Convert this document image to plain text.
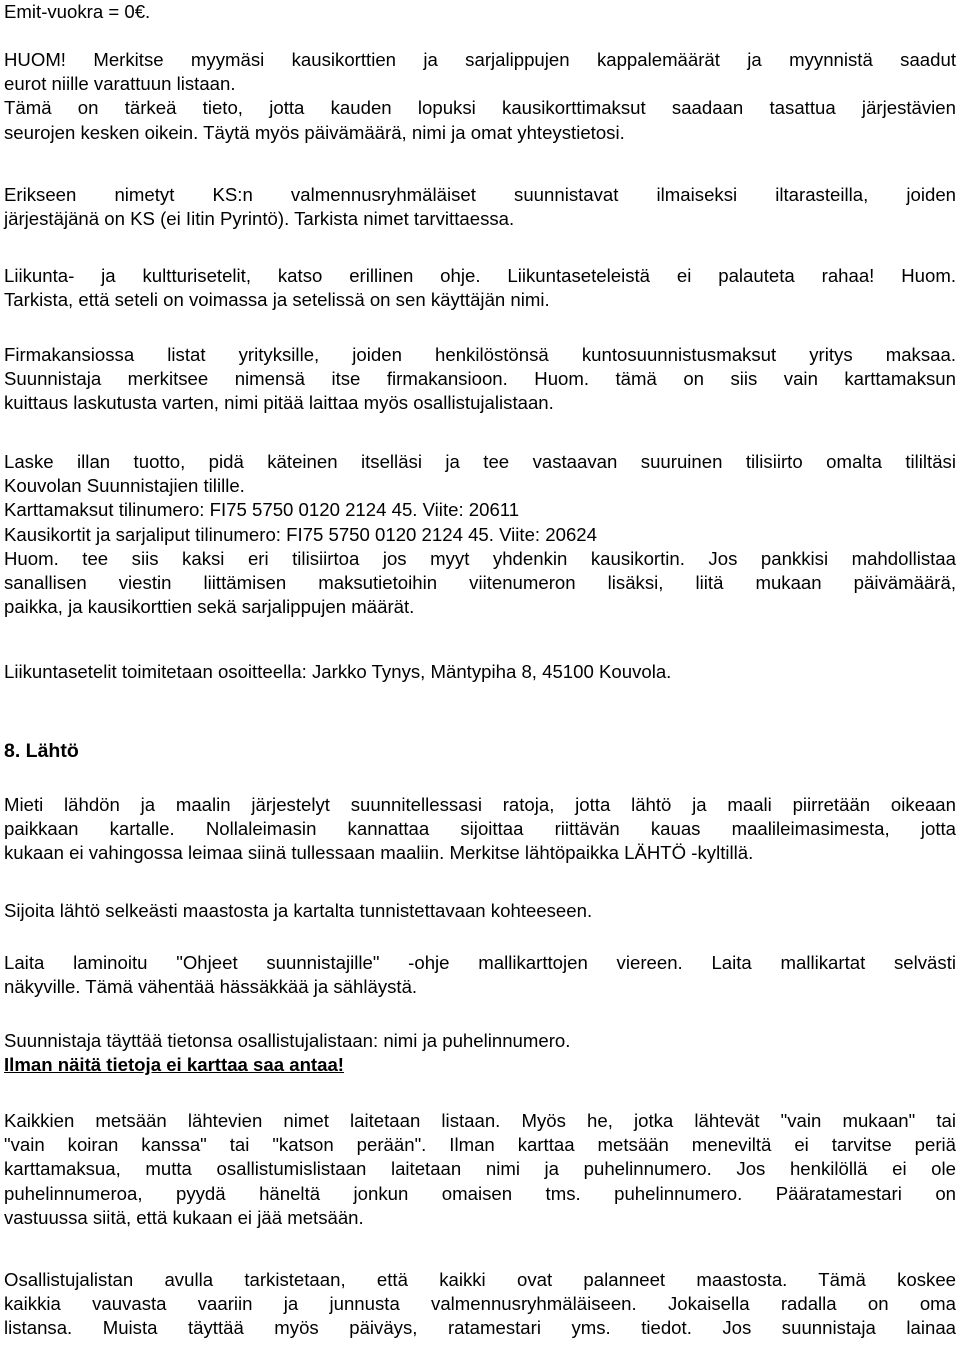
Emit-vuokra = 0€.
HUOM! Merkitse myymäsi kausikorttien ja sarjalippujen kappalemäärät ja myynnistä saadut
eurot niille varattuun listaan.
Tämä on tärkeä tieto, jotta kauden lopuksi kausikorttimaksut saadaan tasattua järjestävien
seurojen kesken oikein. Täytä myös päivämäärä, nimi ja omat yhteystietosi.
Erikseen nimetyt KS:n valmennusryhmäläiset suunnistavat ilmaiseksi iltarasteilla, joiden
järjestäjänä on KS (ei Iitin Pyrintö). Tarkista nimet tarvittaessa.
Liikunta- ja kultturisetelit, katso erillinen ohje. Liikuntaseteleistä ei palauteta rahaa! Huom.
Tarkista, että seteli on voimassa ja setelissä on sen käyttäjän nimi.
Firmakansiossa listat yrityksille, joiden henkilöstönsä kuntosuunnistusmaksut yritys maksaa.
Suunnistaja merkitsee nimensä itse firmakansioon. Huom. tämä on siis vain karttamaksun
kuittaus laskutusta varten, nimi pitää laittaa myös osallistujalistaan.
Laske illan tuotto, pidä käteinen itselläsi ja tee vastaavan suuruinen tilisiirto omalta tililtäsi
Kouvolan Suunnistajien tilille.
Karttamaksut tilinumero: FI75 5750 0120 2124 45. Viite: 20611
Kausikortit ja sarjaliput tilinumero: FI75 5750 0120 2124 45. Viite: 20624
Huom. tee siis kaksi eri tilisiirtoa jos myyt yhdenkin kausikortin. Jos pankkisi mahdollistaa
sanallisen viestin liittämisen maksutietoihin viitenumeron lisäksi, liitä mukaan päivämäärä,
paikka, ja kausikorttien sekä sarjalippujen määrät.
Liikuntasetelit toimitetaan osoitteella: Jarkko Tynys, Mäntypiha 8, 45100 Kouvola.
8. Lähtö
Mieti lähdön ja maalin järjestelyt suunnitellessasi ratoja, jotta lähtö ja maali piirretään oikeaan
paikkaan kartalle. Nollaleimasin kannattaa sijoittaa riittävän kauas maalileimasimesta, jotta
kukaan ei vahingossa leimaa siinä tullessaan maaliin. Merkitse lähtöpaikka LÄHTÖ -kyltillä.
Sijoita lähtö selkeästi maastosta ja kartalta tunnistettavaan kohteeseen.
Laita laminoitu "Ohjeet suunnistajille" -ohje mallikarttojen viereen. Laita mallikartat selvästi
näkyville. Tämä vähentää hässäkkää ja sähläystä.
Suunnistaja täyttää tietonsa osallistujalistaan: nimi ja puhelinnumero.
Ilman näitä tietoja ei karttaa saa antaa!
Kaikkien metsään lähtevien nimet laitetaan listaan. Myös he, jotka lähtevät "vain mukaan" tai
"vain koiran kanssa" tai "katson perään". Ilman karttaa metsään meneviltä ei tarvitse periä
karttamaksua, mutta osallistumislistaan laitetaan nimi ja puhelinnumero. Jos henkilöllä ei ole
puhelinnumeroa, pyydä häneltä jonkun omaisen tms. puhelinnumero. Pääratamestari on
vastuussa siitä, että kukaan ei jää metsään.
Osallistujalistan avulla tarkistetaan, että kaikki ovat palanneet maastosta. Tämä koskee
kaikkia vauvasta vaariin ja junnusta valmennusryhmäläiseen. Jokaisella radalla on oma
listansa. Muista täyttää myös päiväys, ratamestari yms. tiedot. Jos suunnistaja lainaa
